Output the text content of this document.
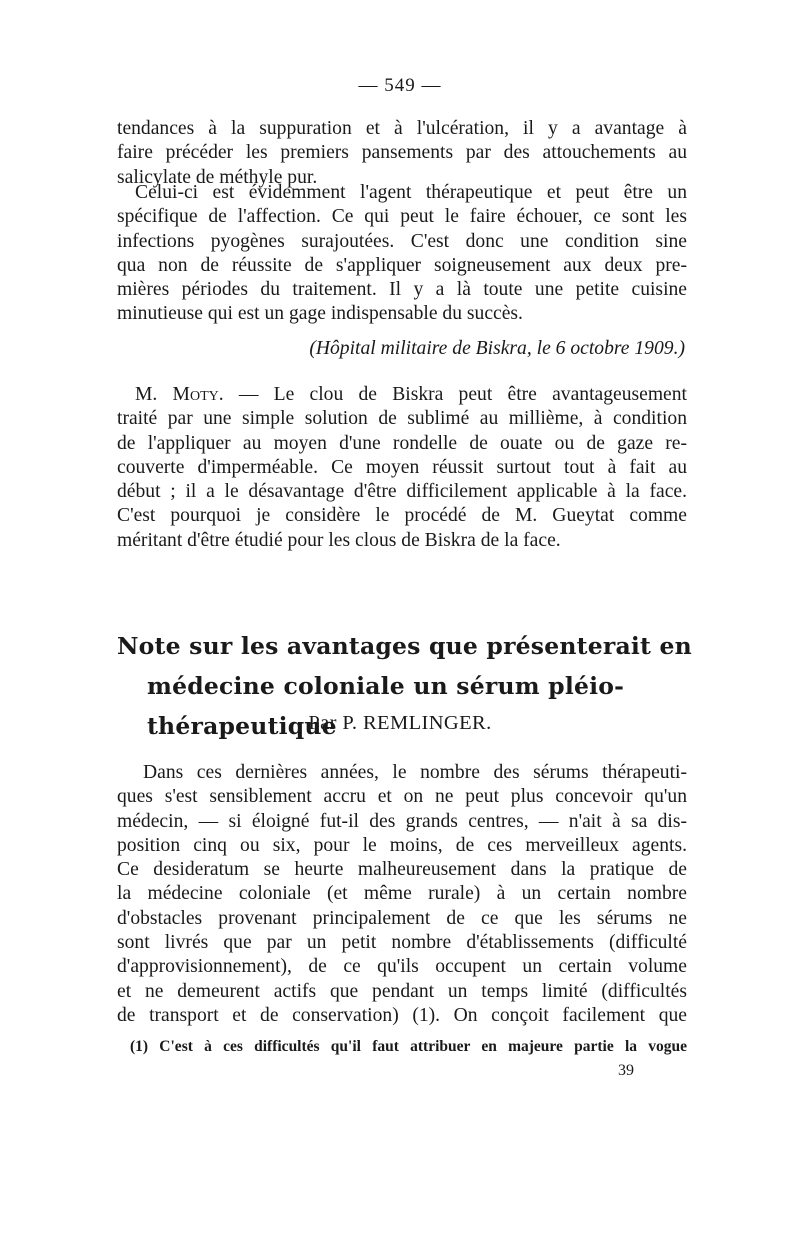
— 549 —
tendances à la suppuration et à l'ulcération, il y a avantage à
faire précéder les premiers pansements par des attouchements au
salicylate de méthyle pur.
Celui-ci est évidemment l'agent thérapeutique et peut être un
spécifique de l'affection. Ce qui peut le faire échouer, ce sont les
infections pyogènes surajoutées. C'est donc une condition sine
qua non de réussite de s'appliquer soigneusement aux deux pre-
mières périodes du traitement. Il y a là toute une petite cuisine
minutieuse qui est un gage indispensable du succès.
(Hôpital militaire de Biskra, le 6 octobre 1909.)
M. Moty. — Le clou de Biskra peut être avantageusement
traité par une simple solution de sublimé au millième, à condition
de l'appliquer au moyen d'une rondelle de ouate ou de gaze re-
couverte d'imperméable. Ce moyen réussit surtout tout à fait au
début ; il a le désavantage d'être difficilement applicable à la face.
C'est pourquoi je considère le procédé de M. Gueytat comme
méritant d'être étudié pour les clous de Biskra de la face.
Note sur les avantages que présenterait en
médecine coloniale un sérum pléio-thérapeutique
Par P. REMLINGER.
Dans ces dernières années, le nombre des sérums thérapeuti-
ques s'est sensiblement accru et on ne peut plus concevoir qu'un
médecin, — si éloigné fut-il des grands centres, — n'ait à sa dis-
position cinq ou six, pour le moins, de ces merveilleux agents.
Ce desideratum se heurte malheureusement dans la pratique de
la médecine coloniale (et même rurale) à un certain nombre
d'obstacles provenant principalement de ce que les sérums ne
sont livrés que par un petit nombre d'établissements (difficulté
d'approvisionnement), de ce qu'ils occupent un certain volume
et ne demeurent actifs que pendant un temps limité (difficultés
de transport et de conservation) (1). On conçoit facilement que
(1) C'est à ces difficultés qu'il faut attribuer en majeure partie la vogue
39
